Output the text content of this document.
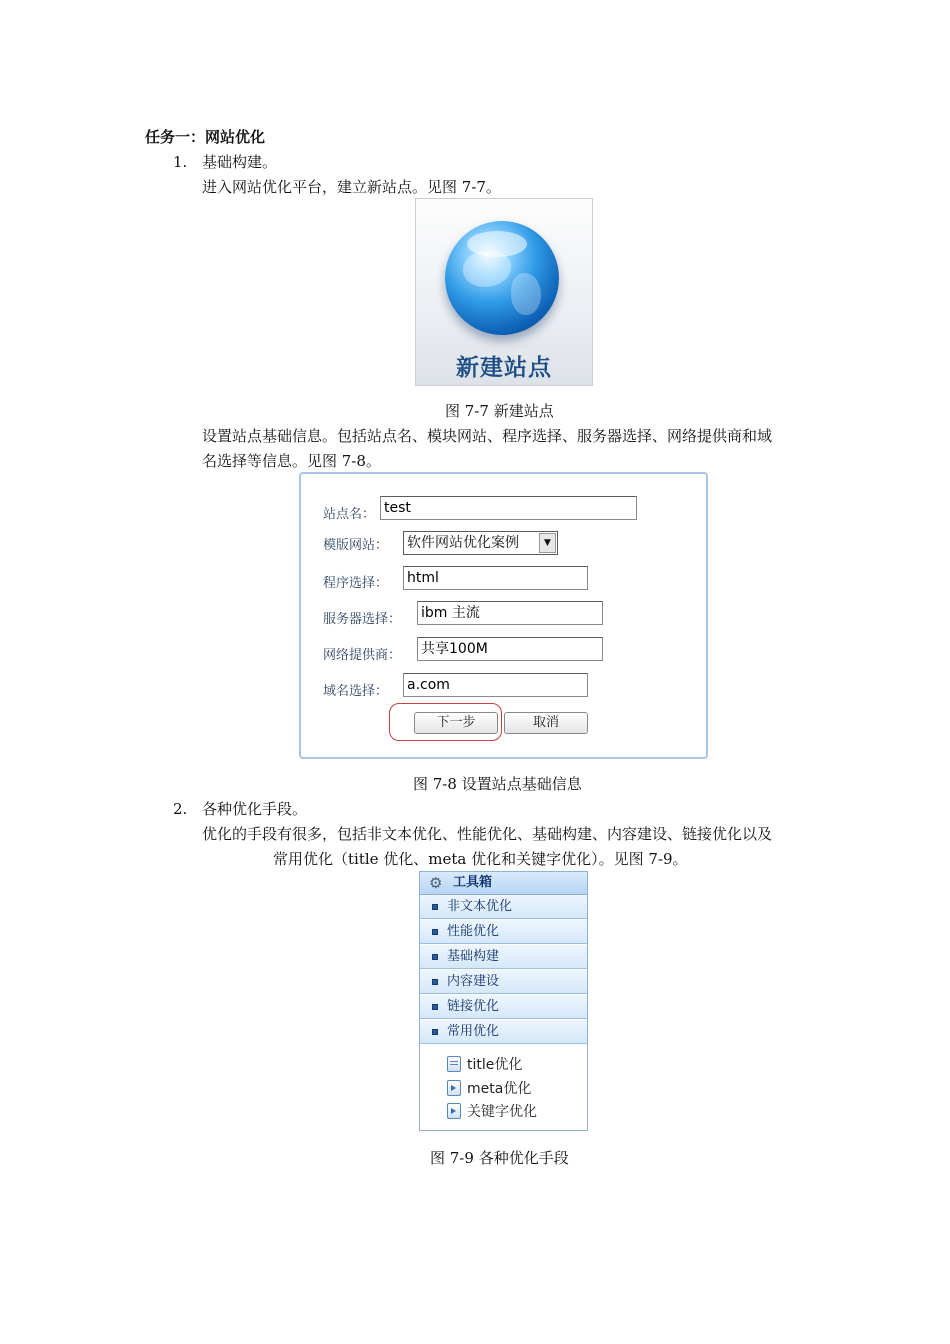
任务一：网站优化
1. 基础构建。
进入网站优化平台，建立新站点。见图 7-7。
新建站点
图 7-7 新建站点
设置站点基础信息。包括站点名、模块网站、程序选择、服务器选择、网络提供商和域
名选择等信息。见图 7-8。
站点名： test
模版网站： 软件网站优化案例	▼
程序选择： html
服务器选择： ibm 主流
网络提供商： 共享100M
域名选择： a.com
下一步	取消
图 7-8 设置站点基础信息
2. 各种优化手段。
优化的手段有很多，包括非文本优化、性能优化、基础构建、内容建设、链接优化以及
常用优化（title 优化、meta 优化和关键字优化）。见图 7-9。
⚙ 工具箱
非文本优化
性能优化
基础构建
内容建设
链接优化
常用优化
title优化
meta优化
关键字优化
图 7-9 各种优化手段
